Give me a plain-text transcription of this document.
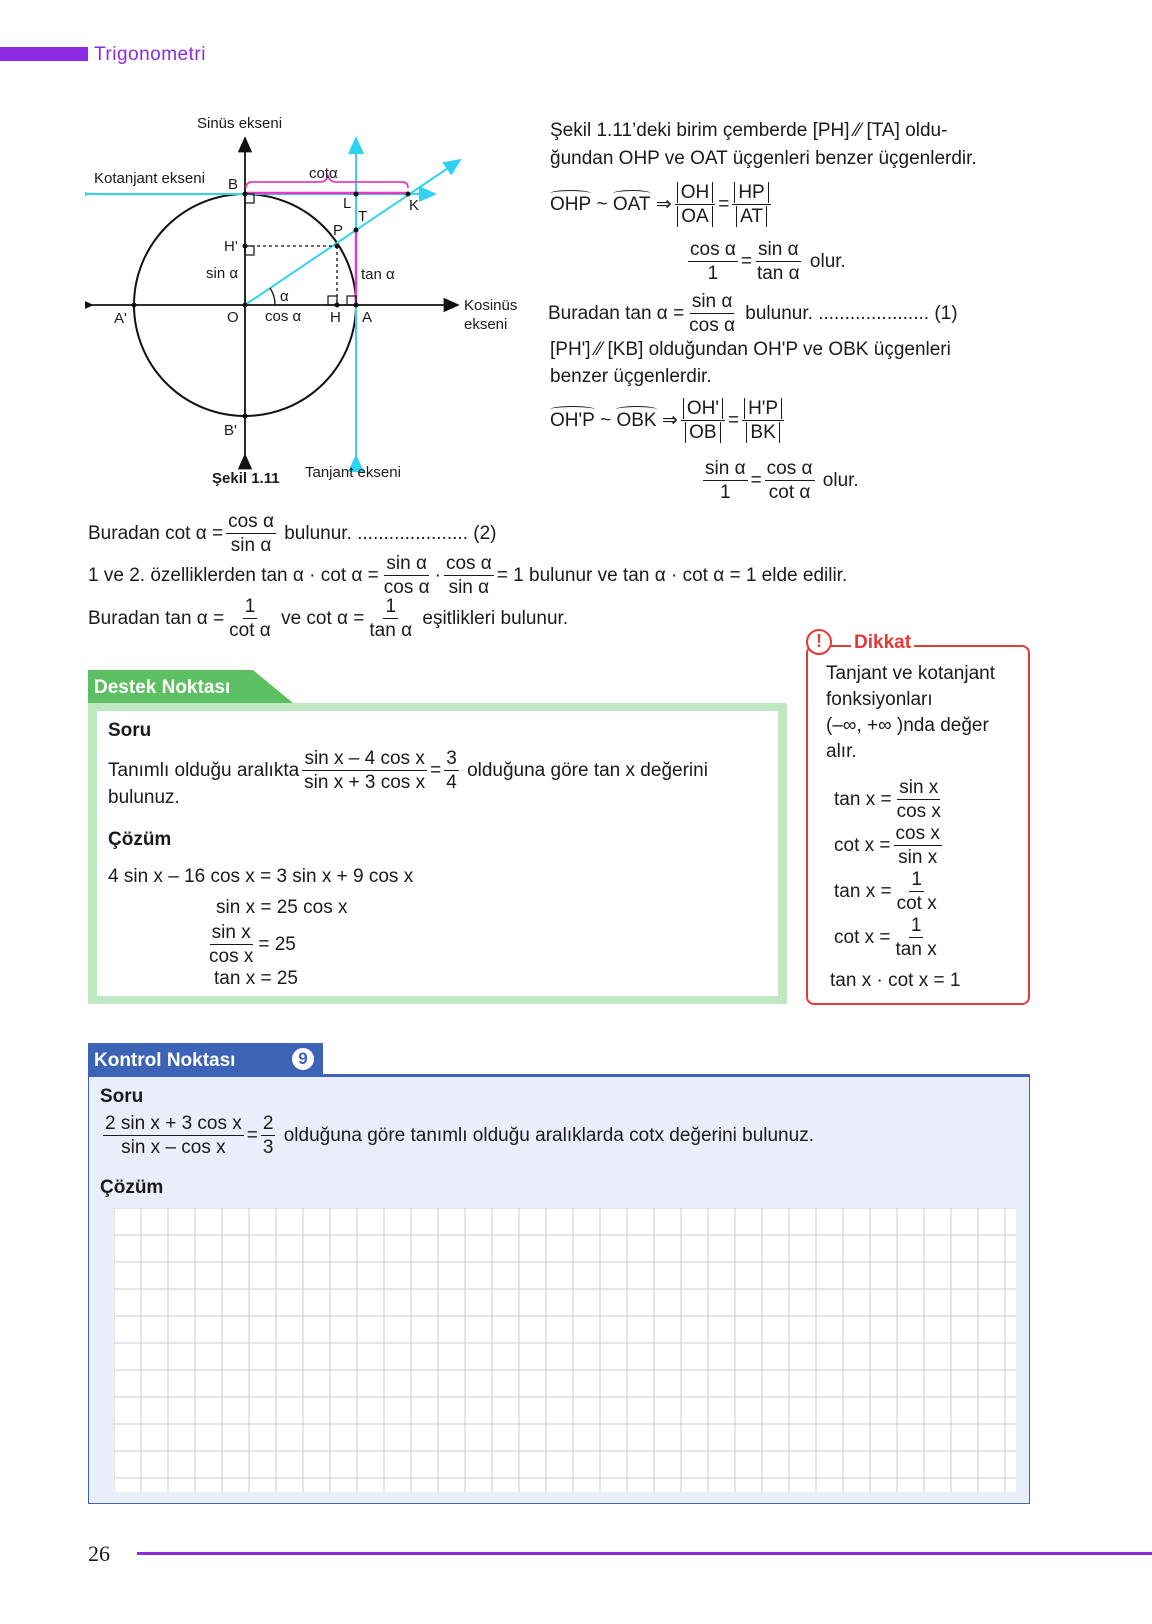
Trigonometri
Sinüs ekseni
Kotanjant ekseni	cotα
B
L	K
T
P
H'
sin α	tan α
α
Kosinüs
ekseni
A'	O cos α H A
B'
Şekil 1.11 Tanjant ekseni
Şekil 1.11’deki birim çemberde [PH] ⁄⁄ [TA] oldu-
ğundan OHP ve OAT üçgenleri benzer üçgenlerdir.
OHP
~
OAT
⇒ $\frac{OH}{OA} = \frac{HP}{AT}$
$\frac{\text{cos α}}{1} = \frac{\text{sin α}}{\text{tan α}}$
olur.
Buradan $\tan \alpha = \frac{\text{sin α}}{\text{cos α}}$
bulunur. ..................... (1)
[PH'] ⁄⁄ [KB] olduğundan OH'P ve OBK üçgenleri
benzer üçgenlerdir.
OH'P
~
OBK
⇒ $\frac{OH'}{OB} = \frac{H'P}{BK}$
$\frac{\text{sin α}}{1} = \frac{\text{cos α}}{\text{cot α}}$
olur.
Buradan $\cot \alpha = \frac{\text{cos α}}{\text{sin α}}$
bulunur. ..................... (2)
1 ve 2. özelliklerden $\tan \alpha \cdot \cot \alpha = \frac{\text{sin α}}{\text{cos α}} \cdot \frac{\text{cos α}}{\text{sin α}} = 1$ bulunur ve tan α · cot α = 1 elde edilir.
Buradan $\tan \alpha = \frac{1}{\text{cot α}}$
ve $\cot \alpha = \frac{1}{\text{tan α}}$
eşitlikleri bulunur.
Destek Noktası
Soru
Tanımlı olduğu aralıkta $\frac{\text{sin x – 4 cos x}}{\text{sin x + 3 cos x}} = \frac{3}{4}$
olduğuna göre tan x değerini
bulunuz.
Çözüm
4 sin x – 16 cos x = 3 sin x + 9 cos x
sin x = 25 cos x
$\frac{\text{sin x}}{\text{cos x}} = 25$
tan x = 25
!	Dikkat
Tanjant ve kotanjant
fonksiyonları
(–∞, +∞ )nda değer
alır.
$\tan x = \frac{\text{sin x}}{\text{cos x}}$
$\cot x = \frac{\text{cos x}}{\text{sin x}}$
$\tan x = \frac{1}{\text{cot x}}$
$\cot x = \frac{1}{\text{tan x}}$
tan x · cot x = 1
Kontrol Noktası	9
Soru
$\frac{\text{2 sin x + 3 cos x}}{\text{sin x – cos x}} = \frac{2}{3}$
olduğuna göre tanımlı olduğu aralıklarda cotx değerini bulunuz.
Çözüm
26
